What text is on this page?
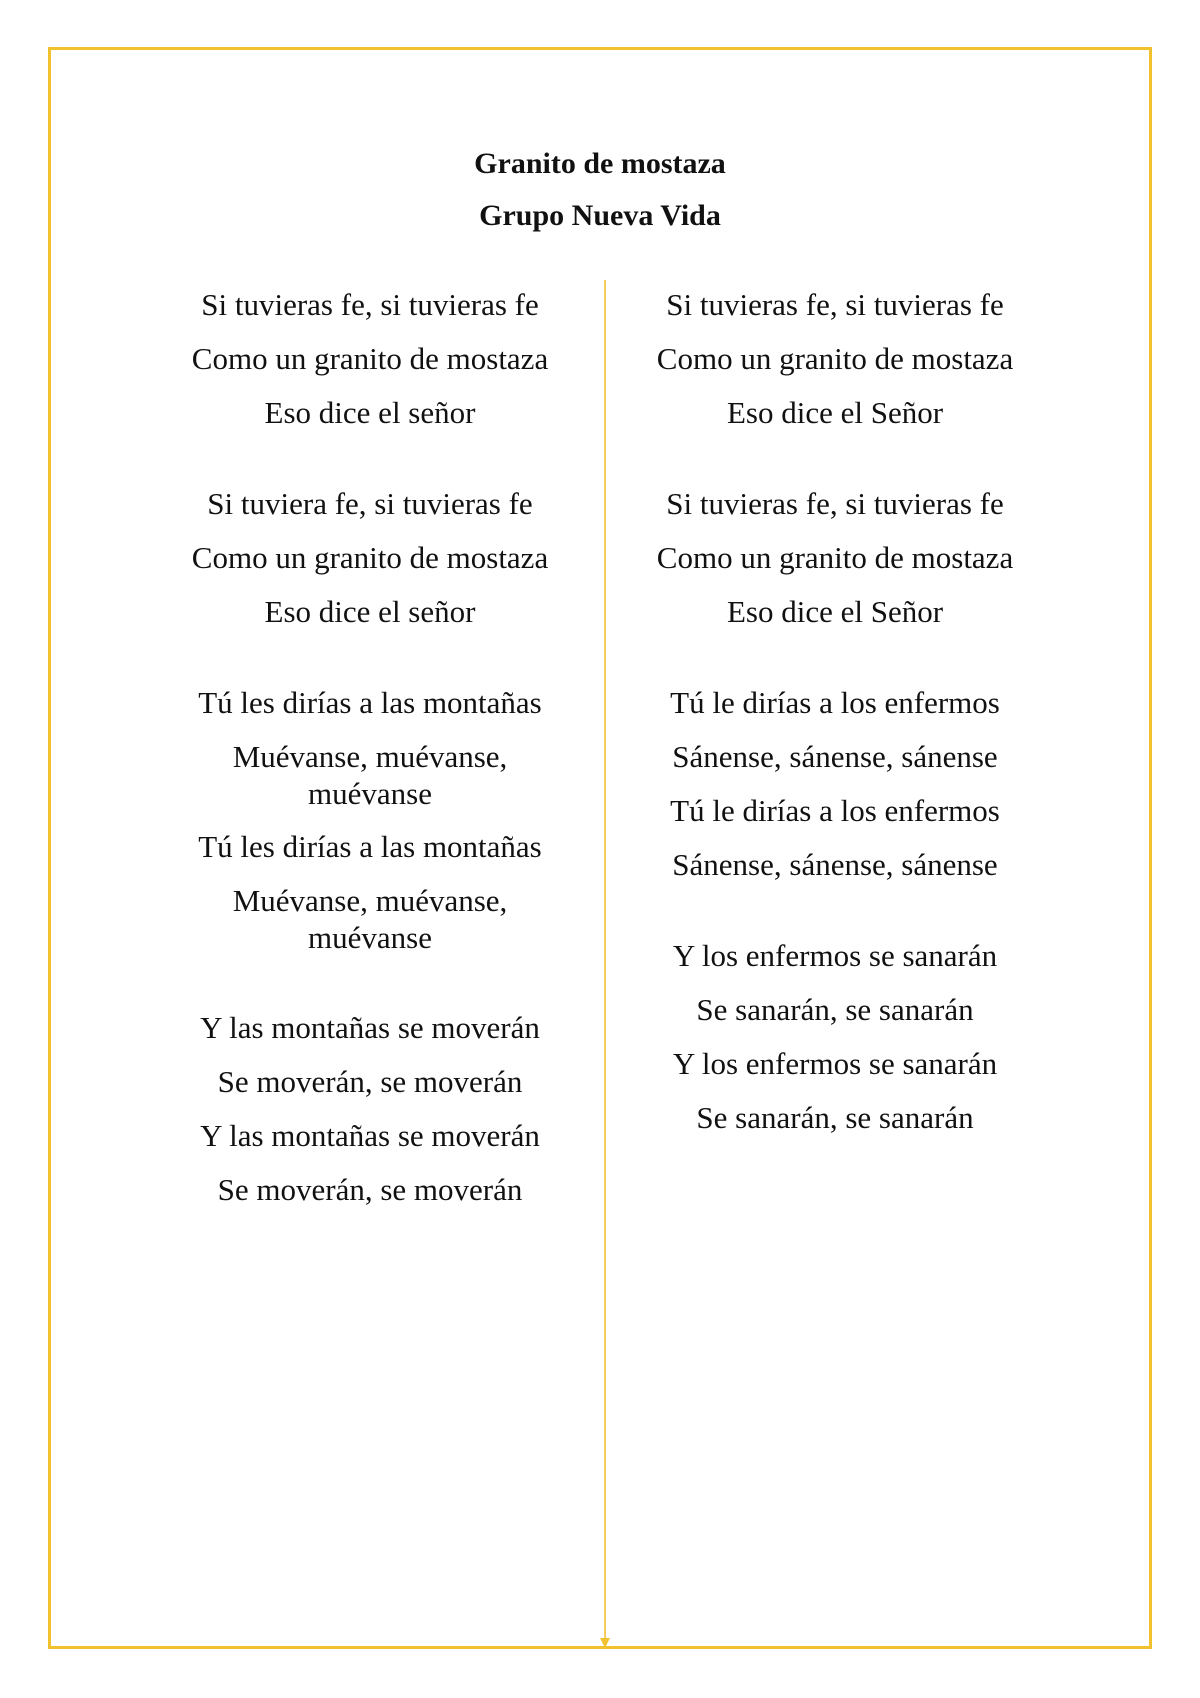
Granito de mostaza
Grupo Nueva Vida
Si tuvieras fe, si tuvieras fe
Como un granito de mostaza
Eso dice el señor
Si tuviera fe, si tuvieras fe
Como un granito de mostaza
Eso dice el señor
Tú les dirías a las montañas
Muévanse, muévanse, muévanse
Tú les dirías a las montañas
Muévanse, muévanse, muévanse
Y las montañas se moverán
Se moverán, se moverán
Y las montañas se moverán
Se moverán, se moverán
Si tuvieras fe, si tuvieras fe
Como un granito de mostaza
Eso dice el Señor
Si tuvieras fe, si tuvieras fe
Como un granito de mostaza
Eso dice el Señor
Tú le dirías a los enfermos
Sánense, sánense, sánense
Tú le dirías a los enfermos
Sánense, sánense, sánense
Y los enfermos se sanarán
Se sanarán, se sanarán
Y los enfermos se sanarán
Se sanarán, se sanarán
